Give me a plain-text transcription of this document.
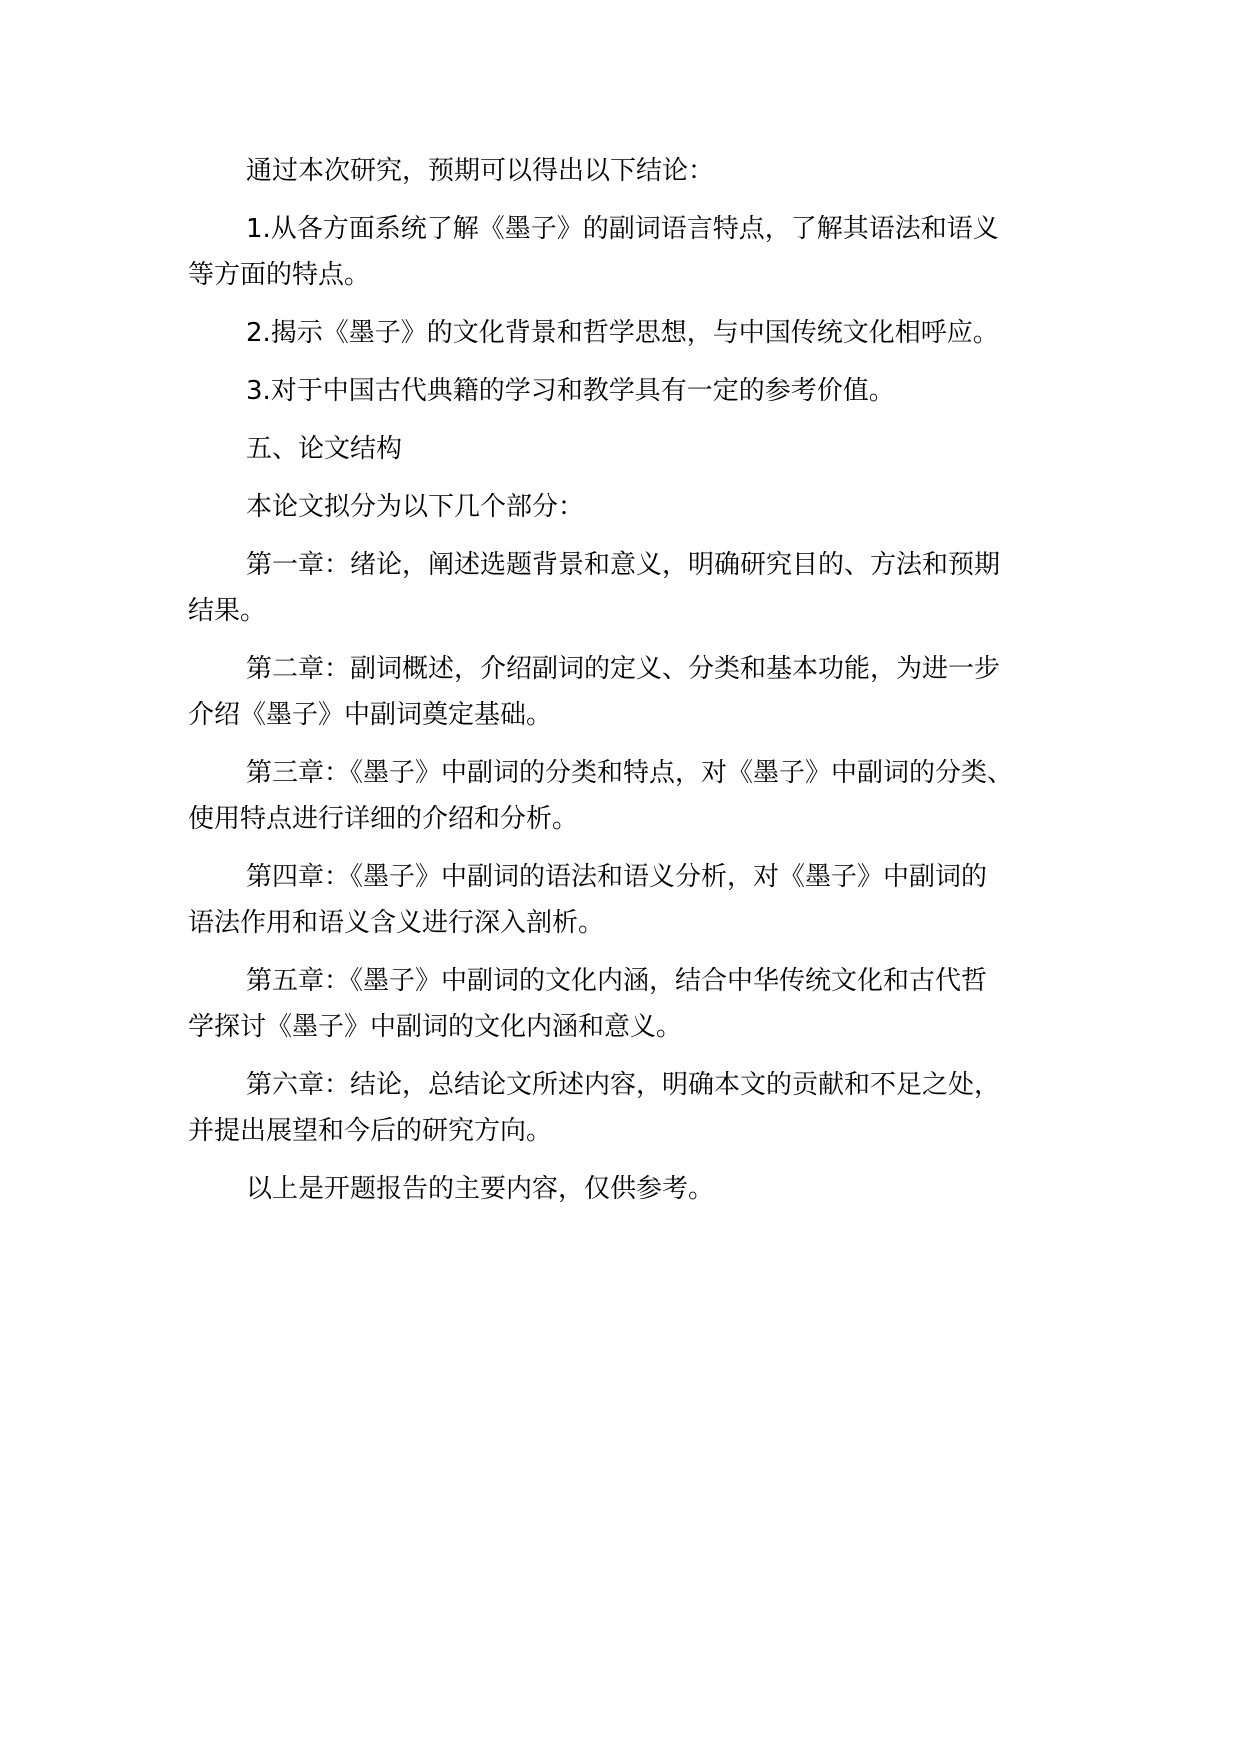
通过本次研究，预期可以得出以下结论：

1.从各方面系统了解《墨子》的副词语言特点，了解其语法和语义
等方面的特点。

2.揭示《墨子》的文化背景和哲学思想，与中国传统文化相呼应。

3.对于中国古代典籍的学习和教学具有一定的参考价值。

五、论文结构

本论文拟分为以下几个部分：

第一章：绪论，阐述选题背景和意义，明确研究目的、方法和预期
结果。

第二章：副词概述，介绍副词的定义、分类和基本功能，为进一步
介绍《墨子》中副词奠定基础。

第三章：《墨子》中副词的分类和特点，对《墨子》中副词的分类、
使用特点进行详细的介绍和分析。

第四章：《墨子》中副词的语法和语义分析，对《墨子》中副词的
语法作用和语义含义进行深入剖析。

第五章：《墨子》中副词的文化内涵，结合中华传统文化和古代哲
学探讨《墨子》中副词的文化内涵和意义。

第六章：结论，总结论文所述内容，明确本文的贡献和不足之处，
并提出展望和今后的研究方向。

以上是开题报告的主要内容，仅供参考。
